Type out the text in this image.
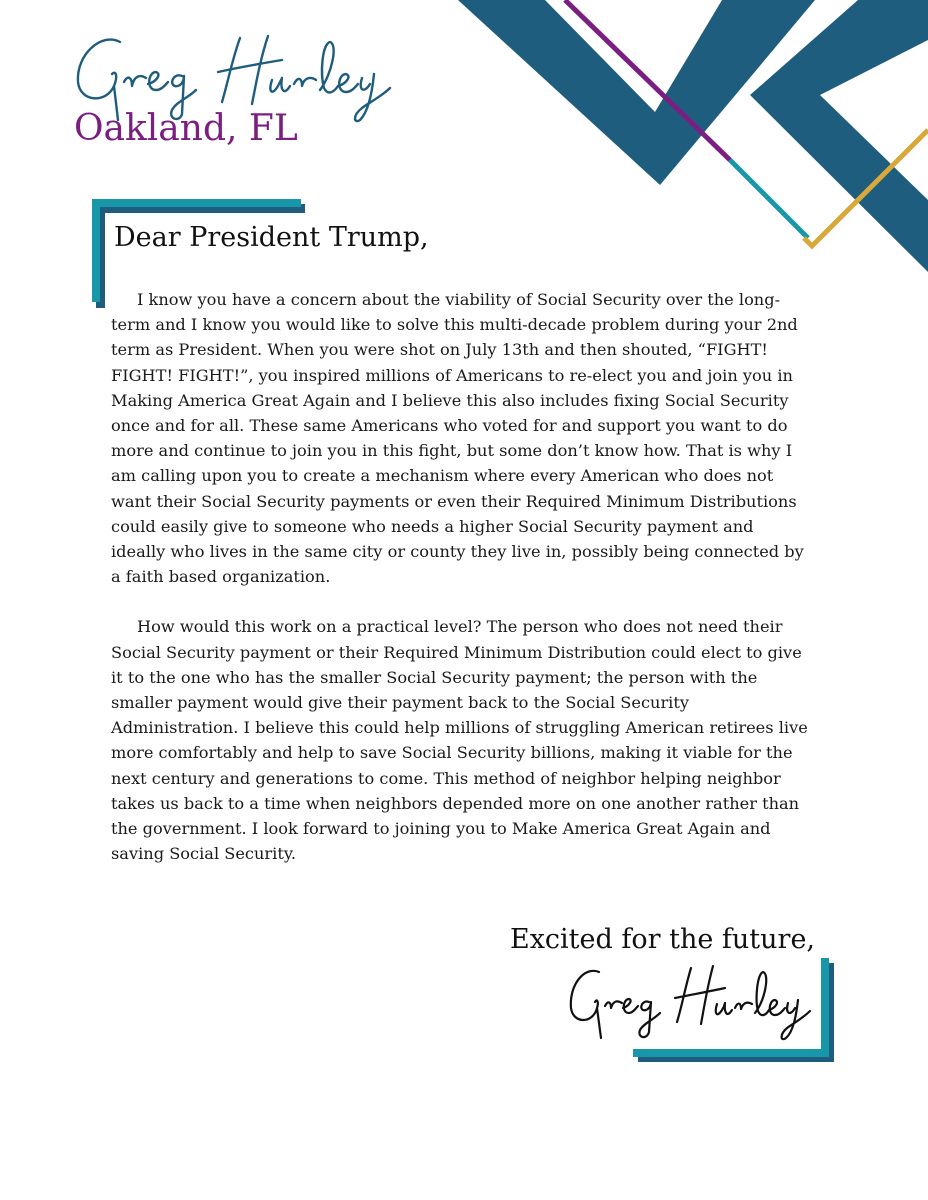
Oakland, FL
Dear President Trump,

I know you have a concern about the viability of Social Security over the long-term and I know you would like to solve this multi-decade problem during your 2nd term as President. When you were shot on July 13th and then shouted, “FIGHT! FIGHT! FIGHT!”, you inspired millions of Americans to re-elect you and join you in Making America Great Again and I believe this also includes fixing Social Security once and for all. These same Americans who voted for and support you want to do more and continue to join you in this fight, but some don’t know how. That is why I am calling upon you to create a mechanism where every American who does not want their Social Security payments or even their Required Minimum Distributions could easily give to someone who needs a higher Social Security payment and ideally who lives in the same city or county they live in, possibly being connected by a faith based organization.

How would this work on a practical level? The person who does not need their Social Security payment or their Required Minimum Distribution could elect to give it to the one who has the smaller Social Security payment; the person with the smaller payment would give their payment back to the Social Security Administration. I believe this could help millions of struggling American retirees live more comfortably and help to save Social Security billions, making it viable for the next century and generations to come. This method of neighbor helping neighbor takes us back to a time when neighbors depended more on one another rather than the government. I look forward to joining you to Make America Great Again and saving Social Security.

Excited for the future,
